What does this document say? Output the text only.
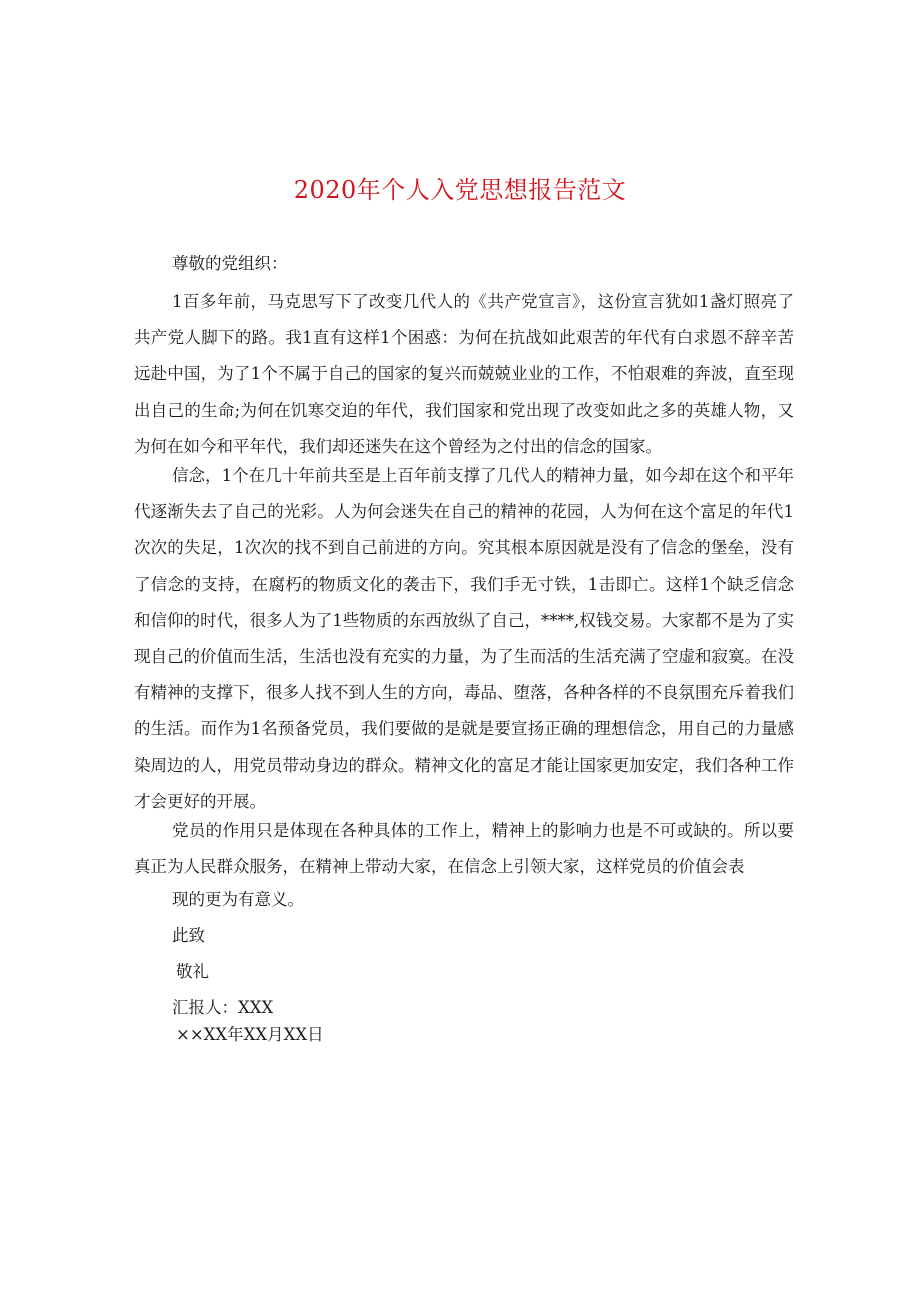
2020年个人入党思想报告范文

尊敬的党组织：

1百多年前，马克思写下了改变几代人的《共产党宣言》，这份宣言犹如1盏灯照亮了共产党人脚下的路。我1直有这样1个困惑：为何在抗战如此艰苦的年代有白求恩不辞辛苦远赴中国，为了1个不属于自己的国家的复兴而兢兢业业的工作，不怕艰难的奔波，直至现出自己的生命;为何在饥寒交迫的年代，我们国家和党出现了改变如此之多的英雄人物，又为何在如今和平年代，我们却还迷失在这个曾经为之付出的信念的国家。

信念，1个在几十年前共至是上百年前支撑了几代人的精神力量，如今却在这个和平年代逐渐失去了自己的光彩。人为何会迷失在自己的精神的花园，人为何在这个富足的年代1次次的失足，1次次的找不到自己前进的方向。究其根本原因就是没有了信念的堡垒，没有了信念的支持，在腐朽的物质文化的袭击下，我们手无寸铁，1击即亡。这样1个缺乏信念和信仰的时代，很多人为了1些物质的东西放纵了自己，****,权钱交易。大家都不是为了实现自己的价值而生活，生活也没有充实的力量，为了生而活的生活充满了空虚和寂寞。在没有精神的支撑下，很多人找不到人生的方向，毒品、堕落，各种各样的不良氛围充斥着我们的生活。而作为1名预备党员，我们要做的是就是要宣扬正确的理想信念，用自己的力量感染周边的人，用党员带动身边的群众。精神文化的富足才能让国家更加安定，我们各种工作才会更好的开展。

党员的作用只是体现在各种具体的工作上，精神上的影响力也是不可或缺的。所以要真正为人民群众服务，在精神上带动大家，在信念上引领大家，这样党员的价值会表

现的更为有意义。

此致

敬礼

汇报人：XXX

××XX年XX月XX日
